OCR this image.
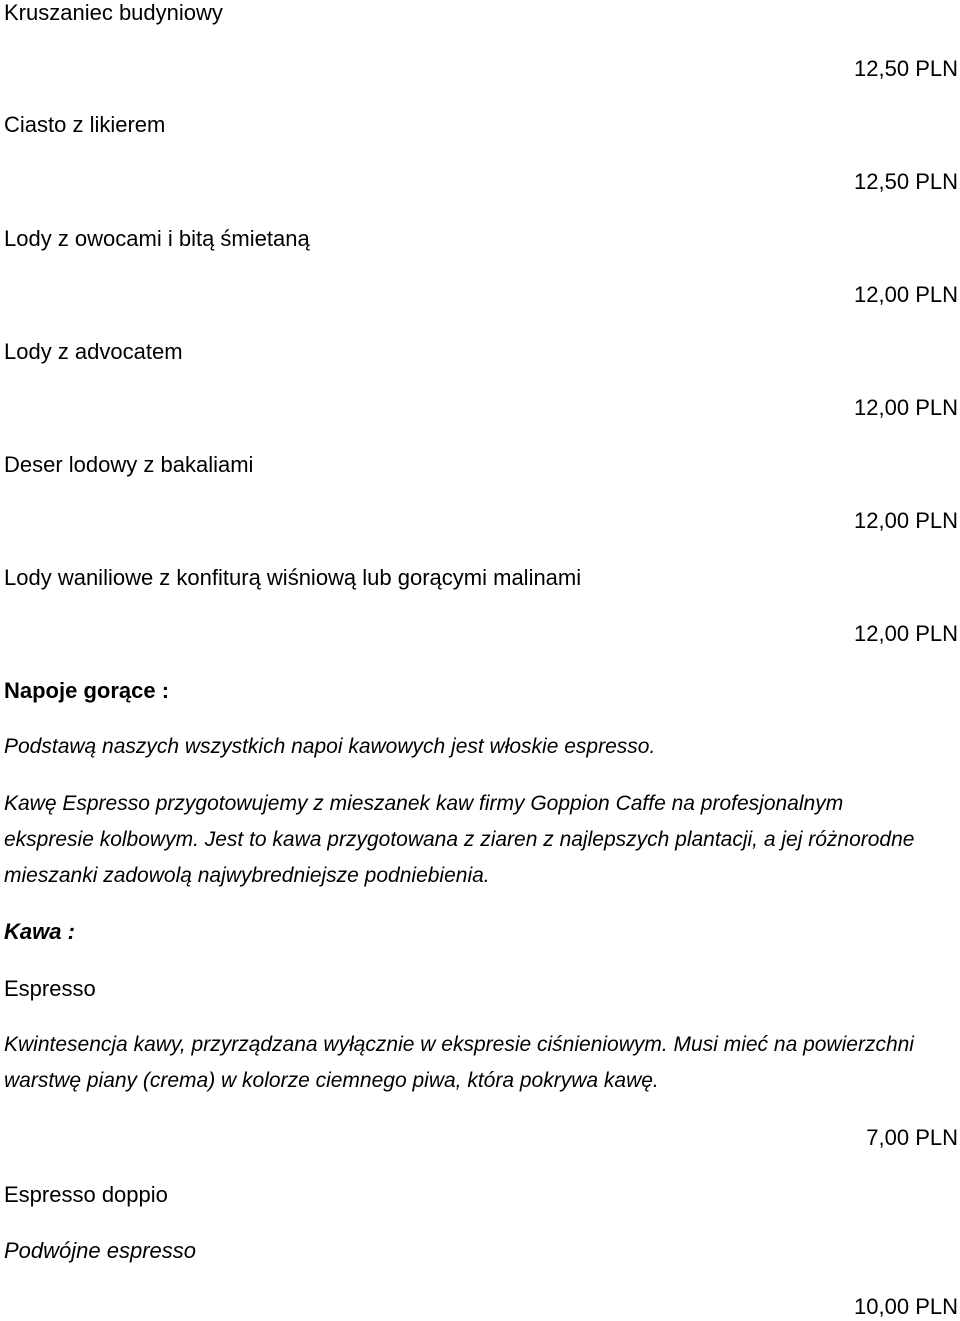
Kruszaniec budyniowy
12,50 PLN
Ciasto z likierem
12,50 PLN
Lody z owocami i bitą śmietaną
12,00 PLN
Lody z advocatem
12,00 PLN
Deser lodowy z bakaliami
12,00 PLN
Lody waniliowe z konfiturą wiśniową lub gorącymi malinami
12,00 PLN
Napoje gorące :
Podstawą naszych wszystkich napoi kawowych jest włoskie espresso.
Kawę Espresso przygotowujemy z mieszanek kaw firmy Goppion Caffe na profesjonalnym ekspresie kolbowym. Jest to kawa przygotowana z ziaren z najlepszych plantacji, a jej różnorodne mieszanki zadowolą najwybredniejsze podniebienia.
Kawa :
Espresso
Kwintesencja kawy, przyrządzana wyłącznie w ekspresie ciśnieniowym. Musi mieć na powierzchni warstwę piany (crema) w kolorze ciemnego piwa, która pokrywa kawę.
7,00 PLN
Espresso doppio
Podwójne espresso
10,00 PLN
